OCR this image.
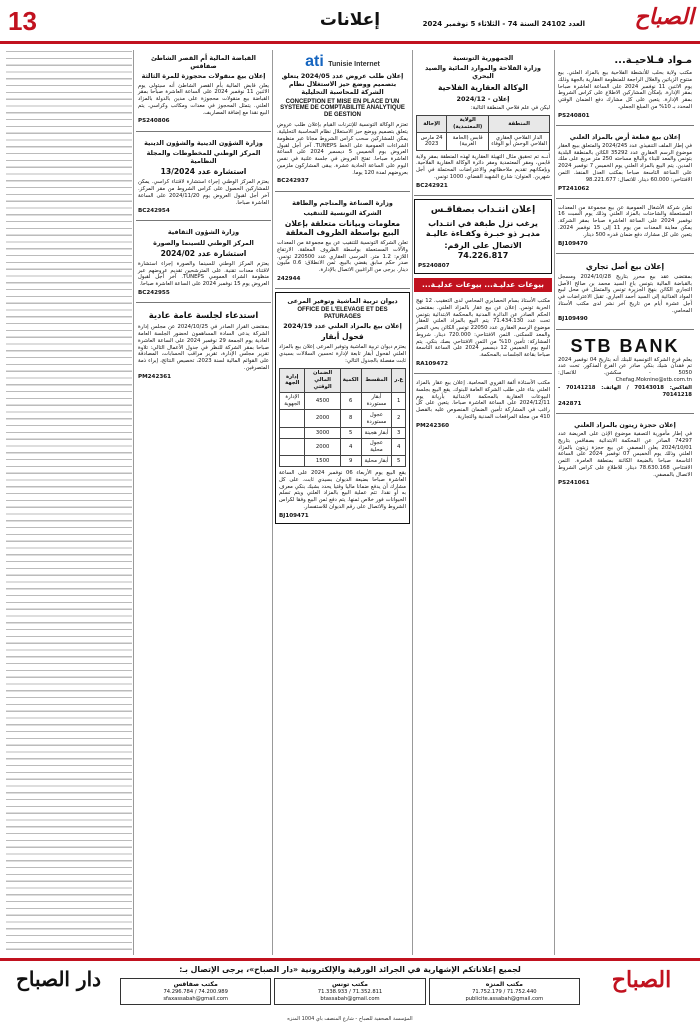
13	إعلانات	الصباح
العدد 24102 السنة 74 - الثلاثاء 5 نوفمبر 2024
مـواد فـلاحيـة...

مكتب ولاية بحلب للأنشطة الفلاحية بيع بالمزاد العلني. بيع منتوج الزياتين والغلال الراجعة للمنظومة العقارية بالجهة وذلك يوم الاثنين 11 نوفمبر 2024 على الساعة العاشرة صباحا بمقر الإدارة. بإمكان المشاركين الاطلاع على كراس الشروط بمقر الإدارة. يتعين على كل مشارك دفع الضمان الوقتي المحدد بـ 10% من المبلغ الجملي.

PS240801
إعلان بيع قطعة أرض بالمزاد العلني

في إطار الملف التنفيذي عدد 2024/245 والمتعلق ببيع العقار موضوع الرسم العقاري عدد 35292 الكائن بالمنطقة البلدية بتونس والمعد للبناء والبالغ مساحته 250 متر مربع على ملك المدين. يتم البيع بالمزاد العلني يوم الخميس 7 نوفمبر 2024 على الساعة التاسعة صباحا بمكتب العدل المنفذ. الثمن الافتتاحي: 60.000 دينار. للاتصال: 98.221.677

PT241062

تعلن شركة الأشغال العمومية عن بيع مجموعة من المعدات المستعملة والشاحنات بالمزاد العلني وذلك يوم السبت 16 نوفمبر 2024 على الساعة العاشرة صباحا بمقر الشركة. يمكن معاينة المعدات من يوم 11 إلى 15 نوفمبر 2024. يتعين على كل مشارك دفع ضمان قدره 500 دينار.

BJ109470
إعلان بيع أصل تجاري

بمقتضى عقد بيع محرر بتاريخ 2024/10/28 ومسجل بالقباضة المالية بتونس باع السيد محمد بن صالح الأصل التجاري الكائن بنهج الجزيرة تونس والمتمثل في محل لبيع المواد الغذائية إلى السيد أحمد العياري. تقبل الاعتراضات في أجل عشرة أيام من تاريخ آخر نشر لدى مكتب الأستاذ المحامي.

BJ109490
STB BANK

يعلم فرع الشركة التونسية للبنك أنه بتاريخ 04 نوفمبر 2024 تم فقدان شيك بنكي صادر عن الفرع المذكور. تحت عدد 5050 - سكشن. للاتصال: Chefag.Moknine@stb.com.tn

الفاكس: 70143018 / الهاتف: 70141218 - 70141218

242871
إعلان حجزة زيتون بالمزاد العلني

في إطار مأمورية التصفية موضوع الإذن على العريضة عدد 74297 الصادر عن المحكمة الابتدائية بصفاقس بتاريخ 2024/10/01 يعلن المصفي عن بيع حجزة زيتون بالمزاد العلني وذلك يوم الخميس 07 نوفمبر 2024 على الساعة التاسعة صباحا بالضيعة الكائنة بمنطقة العامرة. الثمن الافتتاحي 78.630.168 دينار. للاطلاع على كراس الشروط الاتصال بالمصفي.

PS241061
الجمهورية التونسية
وزارة الفلاحة والموارد المائية والصيد البحري
الوكالة العقارية الفلاحية
إعلان - 2024/12

ليكن في علم فلاحي المنطقة التالية:

المنطقة	الولاية (المعتمدية)	الإحالة
الدار الفلاحي العقاري الفلاحي الوحش أبو الوفاء	قابس (الحامة الغربية)	24 مارس 2023

أنــه تم تحقيق مثال التهيئة العقارية لهذه المنطقة بمقر ولاية قابس، ومقر المعتمدية ومقر دائرة الوكالة العقارية الفلاحية. وبإمكانهم تقديم ملاحظاتهم والاعتراضات المحتملة في أجل شهرين. العنوان: شارع الشهيد القضاي، 1000 تونس.

BC242921
إعلان انتـداب بصفاقـس

يرغب نزل طبقة في انتـداب مديـر ذو خبـرة وكفـاءة عاليـة

الاتصال على الرقم: 74.226.817

PS240807
بيوعات عدليـة... بيوعات عدليـة...

مكتب الأستاذ بسام الحصايري المحامي لدى التعقيب. 12 نهج الحرية تونس. إعلان عن بيع عقار بالمزاد العلني. بمقتضى الحكم الصادر عن الدائرة المدنية بالمحكمة الابتدائية بتونس تحت عدد 71.434.130 يتم البيع بالمزاد العلني للعقار موضوع الرسم العقاري عدد 22050 تونس الكائن بحي النصر والمعد للسكنى. الثمن الافتتاحي: 720.000 دينار. شروط المشاركة: تأمين 10% من الثمن الافتتاحي بصك بنكي. يتم البيع يوم الخميس 12 ديسمبر 2024 على الساعة التاسعة صباحا بقاعة الجلسات بالمحكمة.

RA109472

مكتب الأستاذة ألفة القروي المحامية. إعلان بيع عقار بالمزاد العلني بناء على طلب الشركة العامة للبنوك. يقع البيع بجلسة البيوعات العقارية بالمحكمة الابتدائية بأريانة يوم 2024/12/11 على الساعة العاشرة صباحا. يتعين على كل راغب في المشاركة تأمين الضمان المنصوص عليه بالفصل 410 من مجلة المرافعات المدنية والتجارية.

PM242360
ati Tunisie Internet
إعلان طلب عروض عدد 2024/05 يتعلق بتصميم ووضع حيز الاستغلال نظام الشركة للمحاسبة التحليلية
CONCEPTION ET MISE EN PLACE D'UN SYSTEME DE COMPTABILITE ANALYTIQUE DE GESTION

تعتزم الوكالة التونسية للإنترنات القيام بإعلان طلب عروض يتعلق بتصميم ووضع حيز الاستغلال نظام المحاسبة التحليلية. يمكن للمشاركين سحب كراس الشروط مجانا عبر منظومة الشراءات العمومية على الخط TUNEPS. آخر أجل لقبول العروض يوم الخميس 5 ديسمبر 2024 على الساعة العاشرة صباحا. تفتح العروض في جلسة علنية في نفس اليوم على الساعة الحادية عشرة. يبقى المشاركون ملزمين بعروضهم لمدة 120 يوما.

BC242937
وزارة الصناعة والمناجم والطاقة
الشركة التونسية للتنقيب
معلومات وبيانات متعلقة بإعلان البيع بواسطة الظروف المغلقة

تعلن الشركة التونسية للتنقيب عن بيع مجموعة من المعدات والآلات المستعملة بواسطة الظروف المغلقة. الارتفاع اللازم: 1.2 متر. المرسى العقاري عدد 220500 تونس. صدر حكم سابق يقضي بالبيع. ثمن الانطلاق: 0.6 مليون دينار. يرجى من الراغبين الاتصال بالإدارة.

242944
ديوان تربية الماشية وتوفير المرعى
OFFICE DE L'ELEVAGE ET DES PATURAGES
إعلان بيع بالمزاد العلني عدد 2024/19
فحول أبقار

يعتزم ديوان تربية الماشية وتوفير المرعى إعلان بيع بالمزاد العلني لفحول أبقار تابعة لإدارة تحسين السلالات بسيدي ثابت مفصلة بالجدول التالي:

ع.ر	المقسط	الكمية	الضمان المالي الوقتي	إدارة الجهة
1	أبقار مستوردة	6	4500	الإدارة الجهوية
2	عجول مستوردة	8	2000	
3	أبقار هجينة	5	3000	
4	عجول محلية	4	2000	
5	أبقار محلية	9	1500	

يقع البيع يوم الأربعاء 06 نوفمبر 2024 على الساعة العاشرة صباحا بضيعة الديوان بسيدي ثابت. على كل مشارك أن يدفع ضمانا ماليا وقتيا يحدد بشيك بنكي معرف به أو نقدا. تتم عملية البيع بالمزاد العلني ويتم تسلم الحيوانات فور خلاص ثمنها. يتم دفع ثمن البيع وفقا لكراس الشروط والاتصال على رقم الديوان للاستفسار.

BJ109471
القباضة المالية أم القصر الشاطئ صفاقس
إعلان بيع منقولات محجوزة للمرة الثالثة

يعلن قابض المالية بأم القصر الشاطئ أنه سيتولى يوم الاثنين 11 نوفمبر 2024 على الساعة العاشرة صباحا بمقر القباضة بيع منقولات محجوزة على مدين بالدولة بالمزاد العلني. يتمثل المحجوز في معدات ومكاتب وكراسي. يتم البيع نقدا مع إضافة المصاريف.

PS240806
وزارة الشؤون الدينية والشؤون الدينية
المركز الوطني للمخطوطات والمجلة النظامية
استشارة عدد 13/2024

يعتزم المركز الوطني إجراء استشارة لاقتناء كراسي. يمكن للمشاركين الحصول على كراس الشروط من مقر المركز. آخر أجل لقبول العروض يوم 2024/11/20 على الساعة العاشرة صباحا.

BC242954
وزارة الشؤون الثقافية
المركز الوطني للسينما والصورة
استشارة عدد 2024/02

يعتزم المركز الوطني للسينما والصورة إجراء استشارة لاقتناء معدات تقنية. على المترشحين تقديم عروضهم عبر منظومة الشراء العمومي TUNEPS. آخر أجل لقبول العروض يوم 15 نوفمبر 2024 على الساعة العاشرة صباحا.

BC242955
استدعاء لجلسة عامة عادية

بمقتضى القرار الصادر في 2024/10/25 عن مجلس إدارة الشركة يدعى السادة المساهمون لحضور الجلسة العامة العادية يوم الجمعة 29 نوفمبر 2024 على الساعة العاشرة صباحا بمقر الشركة للنظر في جدول الأعمال التالي: تلاوة تقرير مجلس الإدارة، تقرير مراقب الحسابات، المصادقة على القوائم المالية لسنة 2023، تخصيص النتائج، إبراء ذمة المتصرفين.

PM242361
الصباح
دار الصباح	لجميع إعلاناتكم الإشهارية في الجرائد الورقية والإلكترونية «دار الصباح»، يرجى الإتصال بـ:
مكتب المنزه
71.752.179 / 71.752.440
publicite.assabah@gmail.com
مكتب تونس
71.338.933 / 71.352.811
btassabah@gmail.com
مكتب صفاقس
74.296.784 / 74.200.989
sfaxassabah@gmail.com
المؤسسة الصحفية للصباح - شارع المنصف باي 1004 المنزه
